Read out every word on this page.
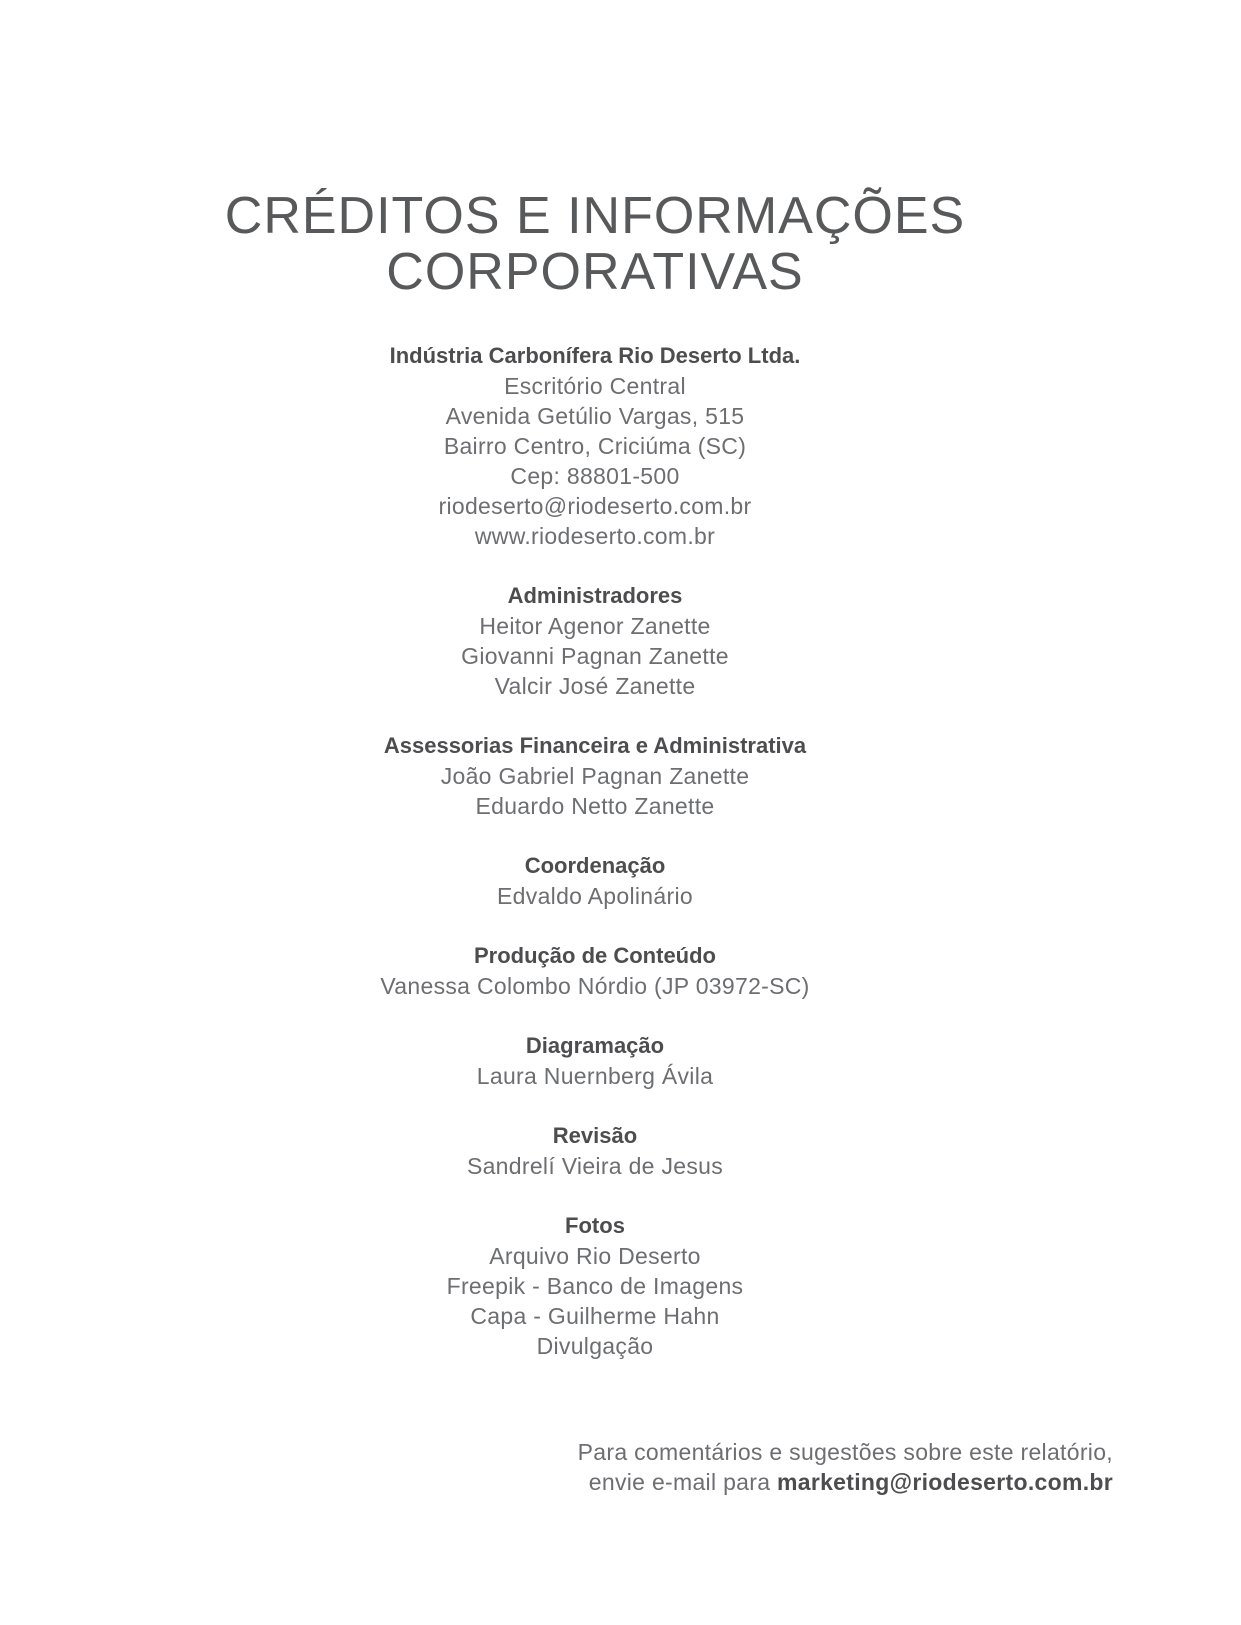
CRÉDITOS E INFORMAÇÕES
CORPORATIVAS
Indústria Carbonífera Rio Deserto Ltda.
Escritório Central
Avenida Getúlio Vargas, 515
Bairro Centro, Criciúma (SC)
Cep: 88801-500
riodeserto@riodeserto.com.br
www.riodeserto.com.br
Administradores
Heitor Agenor Zanette
Giovanni Pagnan Zanette
Valcir José Zanette
Assessorias Financeira e Administrativa
João Gabriel Pagnan Zanette
Eduardo Netto Zanette
Coordenação
Edvaldo Apolinário
Produção de Conteúdo
Vanessa Colombo Nórdio (JP 03972-SC)
Diagramação
Laura Nuernberg Ávila
Revisão
Sandrelí Vieira de Jesus
Fotos
Arquivo Rio Deserto
Freepik - Banco de Imagens
Capa - Guilherme Hahn
Divulgação
Para comentários e sugestões sobre este relatório,
envie e-mail para marketing@riodeserto.com.br
